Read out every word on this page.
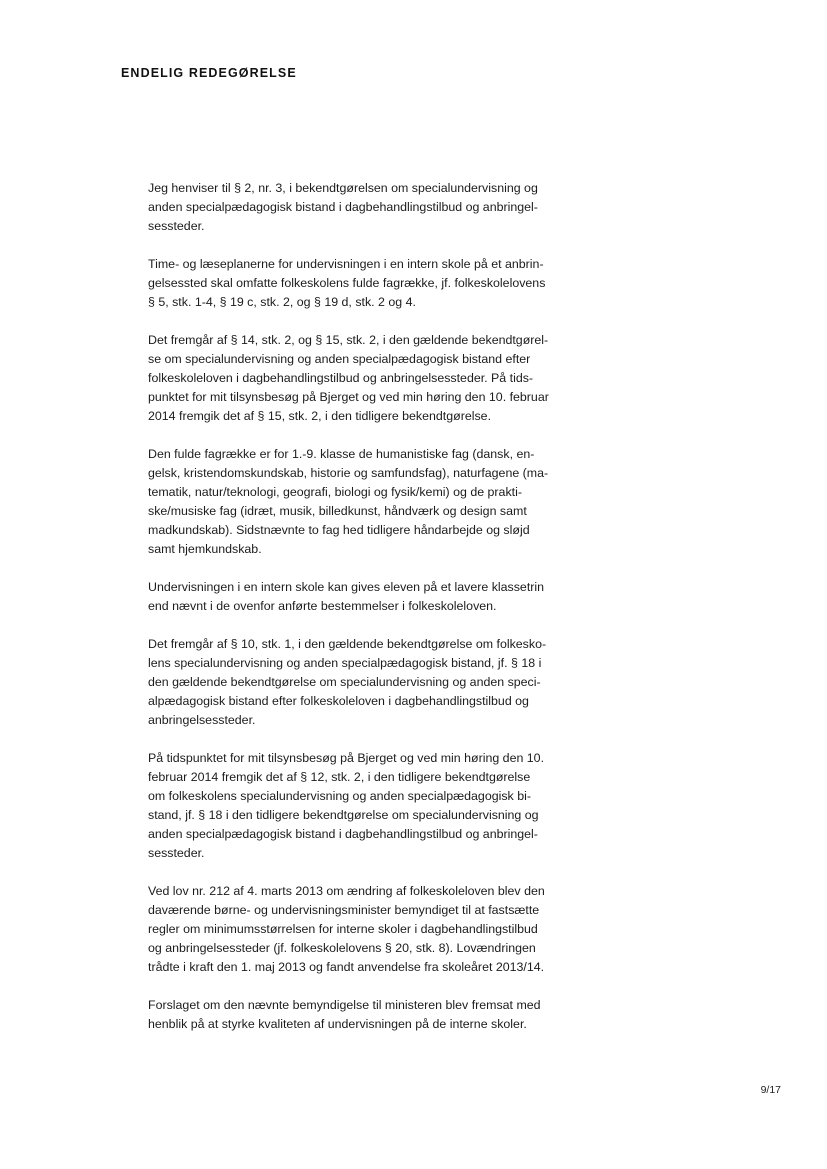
ENDELIG REDEGØRELSE

Jeg henviser til § 2, nr. 3, i bekendtgørelsen om specialundervisning og
anden specialpædagogisk bistand i dagbehandlingstilbud og anbringel-
sessteder.

Time- og læseplanerne for undervisningen i en intern skole på et anbrin-
gelsessted skal omfatte folkeskolens fulde fagrække, jf. folkeskolelovens
§ 5, stk. 1-4, § 19 c, stk. 2, og § 19 d, stk. 2 og 4.

Det fremgår af § 14, stk. 2, og § 15, stk. 2, i den gældende bekendtgørel-
se om specialundervisning og anden specialpædagogisk bistand efter
folkeskoleloven i dagbehandlingstilbud og anbringelsessteder. På tids-
punktet for mit tilsynsbesøg på Bjerget og ved min høring den 10. februar
2014 fremgik det af § 15, stk. 2, i den tidligere bekendtgørelse.

Den fulde fagrække er for 1.-9. klasse de humanistiske fag (dansk, en-
gelsk, kristendomskundskab, historie og samfundsfag), naturfagene (ma-
tematik, natur/teknologi, geografi, biologi og fysik/kemi) og de prakti-
ske/musiske fag (idræt, musik, billedkunst, håndværk og design samt
madkundskab). Sidstnævnte to fag hed tidligere håndarbejde og sløjd
samt hjemkundskab.

Undervisningen i en intern skole kan gives eleven på et lavere klassetrin
end nævnt i de ovenfor anførte bestemmelser i folkeskoleloven.

Det fremgår af § 10, stk. 1, i den gældende bekendtgørelse om folkesko-
lens specialundervisning og anden specialpædagogisk bistand, jf. § 18 i
den gældende bekendtgørelse om specialundervisning og anden speci-
alpædagogisk bistand efter folkeskoleloven i dagbehandlingstilbud og
anbringelsessteder.

På tidspunktet for mit tilsynsbesøg på Bjerget og ved min høring den 10.
februar 2014 fremgik det af § 12, stk. 2, i den tidligere bekendtgørelse
om folkeskolens specialundervisning og anden specialpædagogisk bi-
stand, jf. § 18 i den tidligere bekendtgørelse om specialundervisning og
anden specialpædagogisk bistand i dagbehandlingstilbud og anbringel-
sessteder.

Ved lov nr. 212 af 4. marts 2013 om ændring af folkeskoleloven blev den
daværende børne- og undervisningsminister bemyndiget til at fastsætte
regler om minimumsstørrelsen for interne skoler i dagbehandlingstilbud
og anbringelsessteder (jf. folkeskolelovens § 20, stk. 8). Lovændringen
trådte i kraft den 1. maj 2013 og fandt anvendelse fra skoleåret 2013/14.

Forslaget om den nævnte bemyndigelse til ministeren blev fremsat med
henblik på at styrke kvaliteten af undervisningen på de interne skoler.

9/17
